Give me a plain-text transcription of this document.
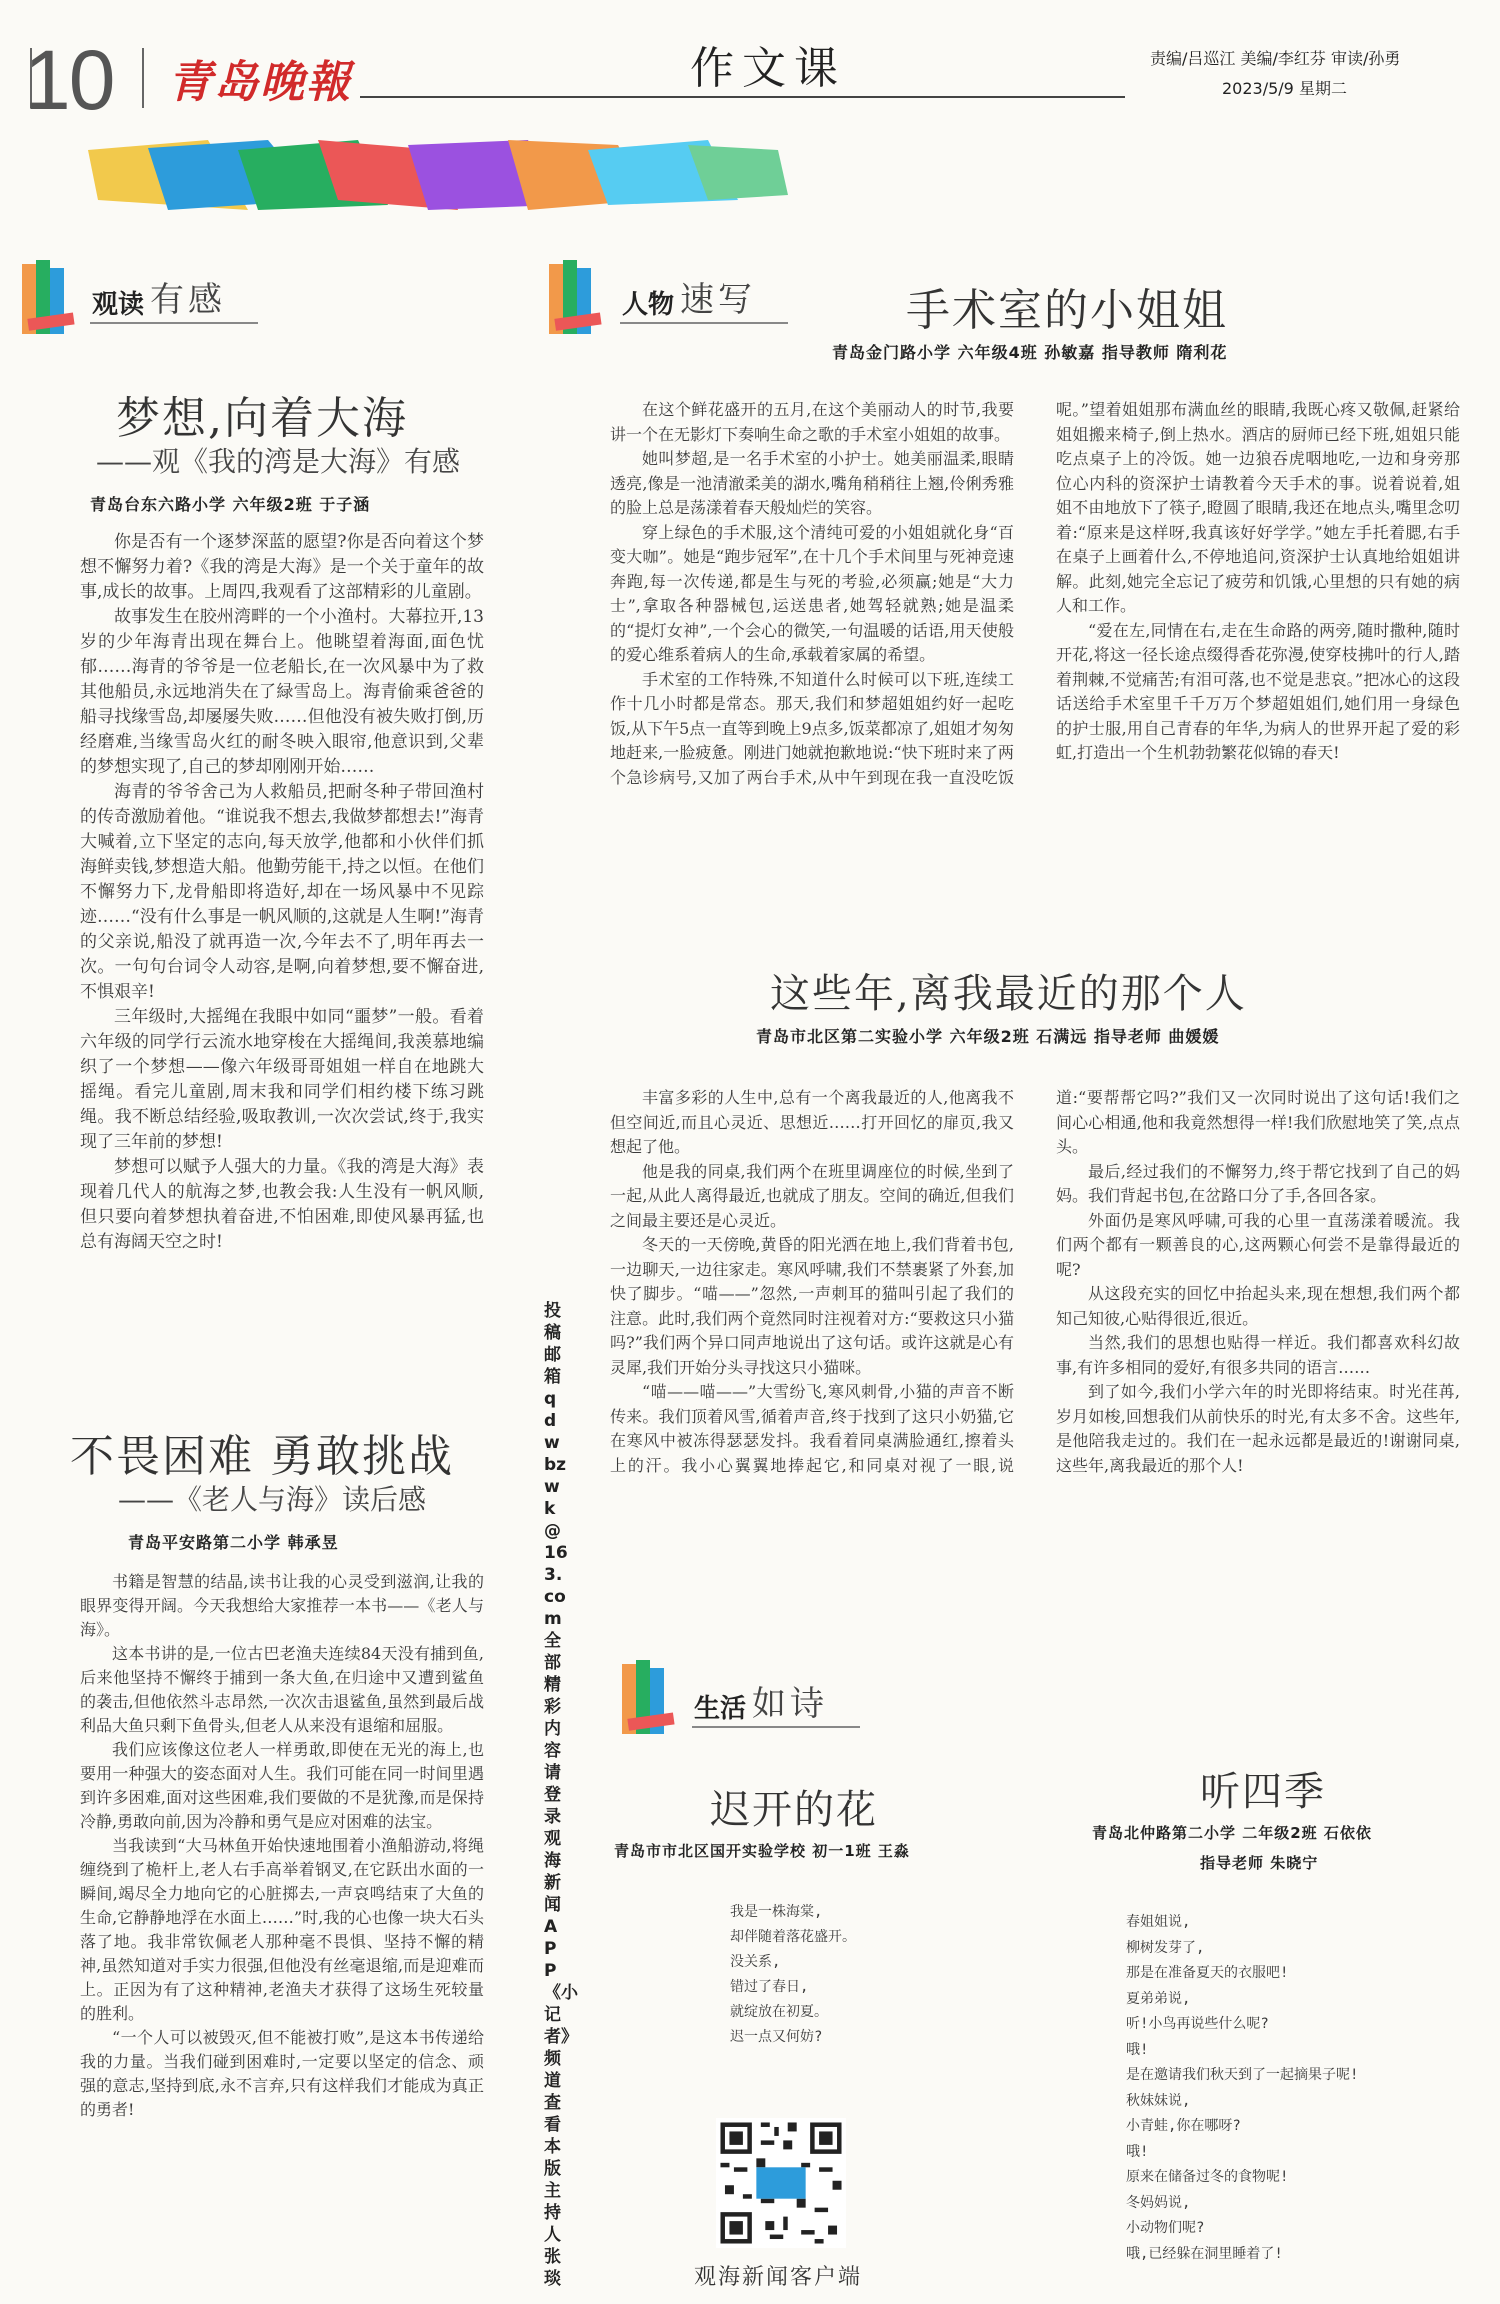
10 青岛晚報	作文课	责编/吕巡江 美编/李红芬 审读/孙勇
2023/5/9 星期二
观读 有感
梦想,向着大海
——观《我的湾是大海》有感
青岛台东六路小学 六年级2班 于子涵

你是否有一个逐梦深蓝的愿望?你是否向着这个梦想不懈努力着?《我的湾是大海》是一个关于童年的故事,成长的故事。上周四,我观看了这部精彩的儿童剧。

故事发生在胶州湾畔的一个小渔村。大幕拉开,13岁的少年海青出现在舞台上。他眺望着海面,面色忧郁……海青的爷爷是一位老船长,在一次风暴中为了救其他船员,永远地消失在了緑雪岛上。海青偷乘爸爸的船寻找缘雪岛,却屡屡失败……但他没有被失败打倒,历经磨难,当缘雪岛火红的耐冬映入眼帘,他意识到,父辈的梦想实现了,自己的梦却刚刚开始……

海青的爷爷舍己为人救船员,把耐冬种子带回渔村的传奇激励着他。“谁说我不想去,我做梦都想去!”海青大喊着,立下坚定的志向,每天放学,他都和小伙伴们抓海鲜卖钱,梦想造大船。他勤劳能干,持之以恒。在他们不懈努力下,龙骨船即将造好,却在一场风暴中不见踪迹……“没有什么事是一帆风顺的,这就是人生啊!”海青的父亲说,船没了就再造一次,今年去不了,明年再去一次。一句句台词令人动容,是啊,向着梦想,要不懈奋进,不惧艰辛!

三年级时,大摇绳在我眼中如同“噩梦”一般。看着六年级的同学行云流水地穿梭在大摇绳间,我羡慕地编织了一个梦想——像六年级哥哥姐姐一样自在地跳大摇绳。看完儿童剧,周末我和同学们相约楼下练习跳绳。我不断总结经验,吸取教训,一次次尝试,终于,我实现了三年前的梦想!

梦想可以赋予人强大的力量。《我的湾是大海》表现着几代人的航海之梦,也教会我:人生没有一帆风顺,但只要向着梦想执着奋进,不怕困难,即使风暴再猛,也总有海阔天空之时!

不畏困难 勇敢挑战
——《老人与海》读后感
青岛平安路第二小学 韩承昱

书籍是智慧的结晶,读书让我的心灵受到滋润,让我的眼界变得开阔。今天我想给大家推荐一本书——《老人与海》。

这本书讲的是,一位古巴老渔夫连续84天没有捕到鱼,后来他坚持不懈终于捕到一条大鱼,在归途中又遭到鲨鱼的袭击,但他依然斗志昂然,一次次击退鲨鱼,虽然到最后战利品大鱼只剩下鱼骨头,但老人从来没有退缩和屈服。

我们应该像这位老人一样勇敢,即使在无光的海上,也要用一种强大的姿态面对人生。我们可能在同一时间里遇到许多困难,面对这些困难,我们要做的不是犹豫,而是保持冷静,勇敢向前,因为冷静和勇气是应对困难的法宝。

当我读到“大马林鱼开始快速地围着小渔船游动,将绳缠绕到了桅杆上,老人右手高举着钢叉,在它跃出水面的一瞬间,竭尽全力地向它的心脏掷去,一声哀鸣结束了大鱼的生命,它静静地浮在水面上……”时,我的心也像一块大石头落了地。我非常钦佩老人那种毫不畏惧、坚持不懈的精神,虽然知道对手实力很强,但他没有丝毫退缩,而是迎难而上。正因为有了这种精神,老渔夫才获得了这场生死较量的胜利。

“一个人可以被毁灭,但不能被打败”,是这本书传递给我的力量。当我们碰到困难时,一定要以坚定的信念、顽强的意志,坚持到底,永不言弃,只有这样我们才能成为真正的勇者!

投稿邮箱qdwbzwk@163.com 全部精彩内容请登录观海新闻APP《小记者》频道查看 本版主持人 张琰
人物 速写	手术室的小姐姐
青岛金门路小学 六年级4班 孙敏嘉 指导教师 隋利花

在这个鲜花盛开的五月,在这个美丽动人的时节,我要讲一个在无影灯下奏响生命之歌的手术室小姐姐的故事。

她叫梦超,是一名手术室的小护士。她美丽温柔,眼睛透亮,像是一池清澈柔美的湖水,嘴角稍稍往上翘,伶俐秀雅的脸上总是荡漾着春天般灿烂的笑容。

穿上绿色的手术服,这个清纯可爱的小姐姐就化身“百变大咖”。她是“跑步冠军”,在十几个手术间里与死神竞速奔跑,每一次传递,都是生与死的考验,必须赢;她是“大力士”,拿取各种器械包,运送患者,她驾轻就熟;她是温柔的“提灯女神”,一个会心的微笑,一句温暖的话语,用天使般的爱心维系着病人的生命,承载着家属的希望。

手术室的工作特殊,不知道什么时候可以下班,连续工作十几小时都是常态。那天,我们和梦超姐姐约好一起吃饭,从下午5点一直等到晚上9点多,饭菜都凉了,姐姐才匆匆地赶来,一脸疲惫。刚进门她就抱歉地说:“快下班时来了两个急诊病号,又加了两台手术,从中午到现在我一直没吃饭呢。”望着姐姐那布满血丝的眼睛,我既心疼又敬佩,赶紧给姐姐搬来椅子,倒上热水。酒店的厨师已经下班,姐姐只能吃点桌子上的冷饭。她一边狼吞虎咽地吃,一边和身旁那位心内科的资深护士请教着今天手术的事。说着说着,姐姐不由地放下了筷子,瞪圆了眼睛,我还在地点头,嘴里念叨着:“原来是这样呀,我真该好好学学。”她左手托着腮,右手在桌子上画着什么,不停地追问,资深护士认真地给姐姐讲解。此刻,她完全忘记了疲劳和饥饿,心里想的只有她的病人和工作。

“爱在左,同情在右,走在生命路的两旁,随时撒种,随时开花,将这一径长途点缀得香花弥漫,使穿枝拂叶的行人,踏着荆棘,不觉痛苦;有泪可落,也不觉是悲哀。”把冰心的这段话送给手术室里千千万万个梦超姐姐们,她们用一身绿色的护士服,用自己青春的年华,为病人的世界开起了爱的彩虹,打造出一个生机勃勃繁花似锦的春天!

这些年,离我最近的那个人
青岛市北区第二实验小学 六年级2班 石满远 指导老师 曲媛媛

丰富多彩的人生中,总有一个离我最近的人,他离我不但空间近,而且心灵近、思想近……打开回忆的扉页,我又想起了他。

他是我的同桌,我们两个在班里调座位的时候,坐到了一起,从此人离得最近,也就成了朋友。空间的确近,但我们之间最主要还是心灵近。

冬天的一天傍晚,黄昏的阳光洒在地上,我们背着书包,一边聊天,一边往家走。寒风呼啸,我们不禁裹紧了外套,加快了脚步。“喵——”忽然,一声刺耳的猫叫引起了我们的注意。此时,我们两个竟然同时注视着对方:“要救这只小猫吗?”我们两个异口同声地说出了这句话。或许这就是心有灵犀,我们开始分头寻找这只小猫咪。

“喵——喵——”大雪纷飞,寒风刺骨,小猫的声音不断传来。我们顶着风雪,循着声音,终于找到了这只小奶猫,它在寒风中被冻得瑟瑟发抖。我看着同桌满脸通红,擦着头上的汗。我小心翼翼地捧起它,和同桌对视了一眼,说道:“要帮帮它吗?”我们又一次同时说出了这句话!我们之间心心相通,他和我竟然想得一样!我们欣慰地笑了笑,点点头。

最后,经过我们的不懈努力,终于帮它找到了自己的妈妈。我们背起书包,在岔路口分了手,各回各家。

外面仍是寒风呼啸,可我的心里一直荡漾着暖流。我们两个都有一颗善良的心,这两颗心何尝不是靠得最近的呢?

从这段充实的回忆中抬起头来,现在想想,我们两个都知己知彼,心贴得很近,很近。

当然,我们的思想也贴得一样近。我们都喜欢科幻故事,有许多相同的爱好,有很多共同的语言……

到了如今,我们小学六年的时光即将结束。时光荏苒,岁月如梭,回想我们从前快乐的时光,有太多不舍。这些年,是他陪我走过的。我们在一起永远都是最近的!谢谢同桌,这些年,离我最近的那个人!

生活 如诗
迟开的花
青岛市市北区国开实验学校 初一1班 王淼
我是一株海棠,
却伴随着落花盛开。
没关系,
错过了春日,
就绽放在初夏。
迟一点又何妨?
观海新闻客户端
听四季
青岛北仲路第二小学 二年级2班 石依依
指导老师 朱晓宁
春姐姐说,
柳树发芽了,
那是在准备夏天的衣服吧!
夏弟弟说,
听!小鸟再说些什么呢?
哦!
是在邀请我们秋天到了一起摘果子呢!
秋妹妹说,
小青蛙,你在哪呀?
哦!
原来在储备过冬的食物呢!
冬妈妈说,
小动物们呢?
哦,已经躲在洞里睡着了!
